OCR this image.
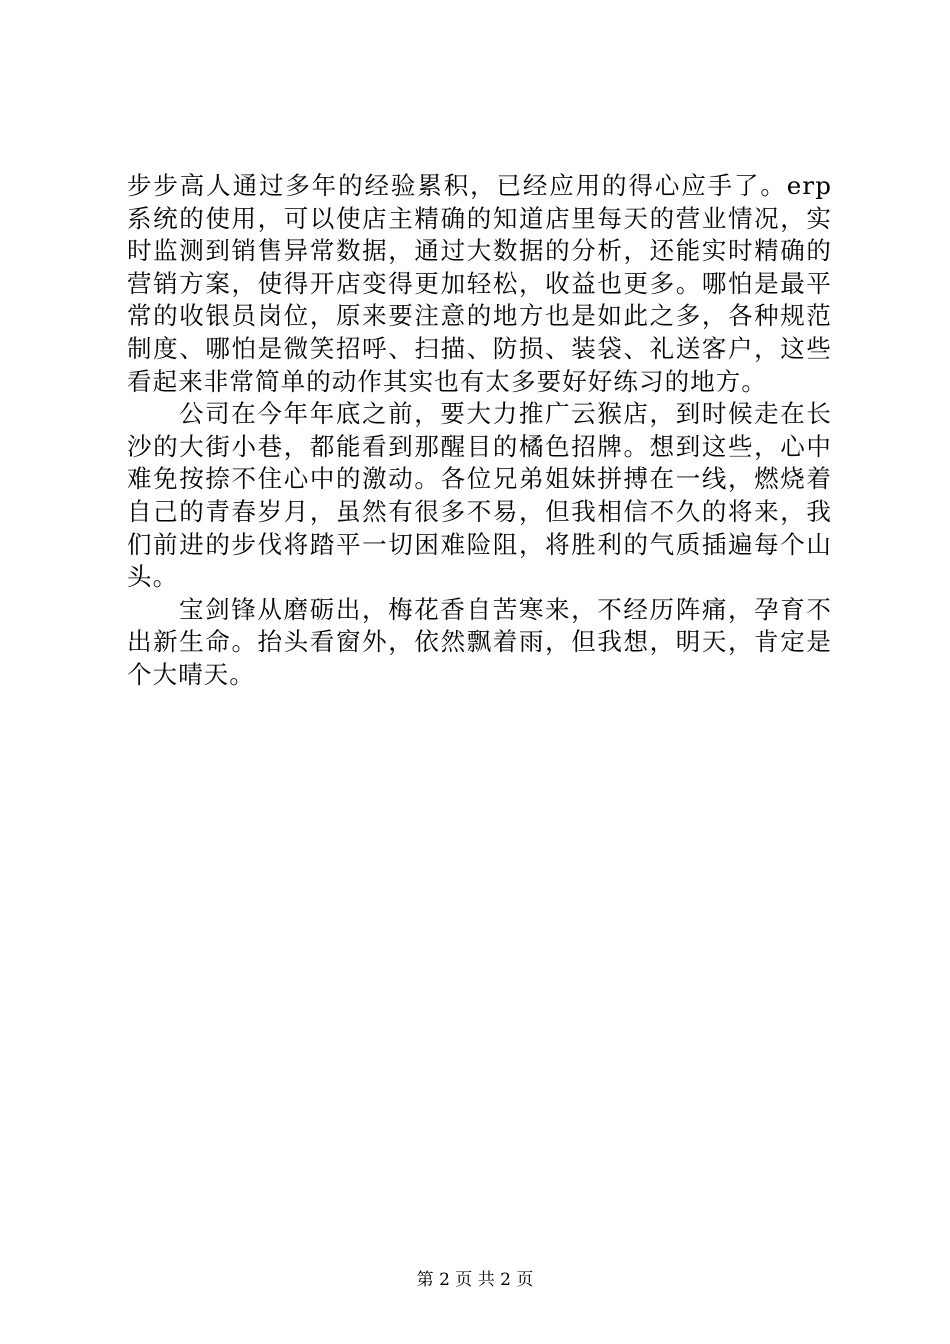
步步高人通过多年的经验累积，已经应用的得心应手了。erp系统的使用，可以使店主精确的知道店里每天的营业情况，实时监测到销售异常数据，通过大数据的分析，还能实时精确的营销方案，使得开店变得更加轻松，收益也更多。哪怕是最平常的收银员岗位，原来要注意的地方也是如此之多，各种规范制度、哪怕是微笑招呼、扫描、防损、装袋、礼送客户，这些看起来非常简单的动作其实也有太多要好好练习的地方。

公司在今年年底之前，要大力推广云猴店，到时候走在长沙的大街小巷，都能看到那醒目的橘色招牌。想到这些，心中难免按捺不住心中的激动。各位兄弟姐妹拼搏在一线，燃烧着自己的青春岁月，虽然有很多不易，但我相信不久的将来，我们前进的步伐将踏平一切困难险阻，将胜利的气质插遍每个山头。

宝剑锋从磨砺出，梅花香自苦寒来，不经历阵痛，孕育不出新生命。抬头看窗外，依然飘着雨，但我想，明天，肯定是个大晴天。

第 2 页 共 2 页
